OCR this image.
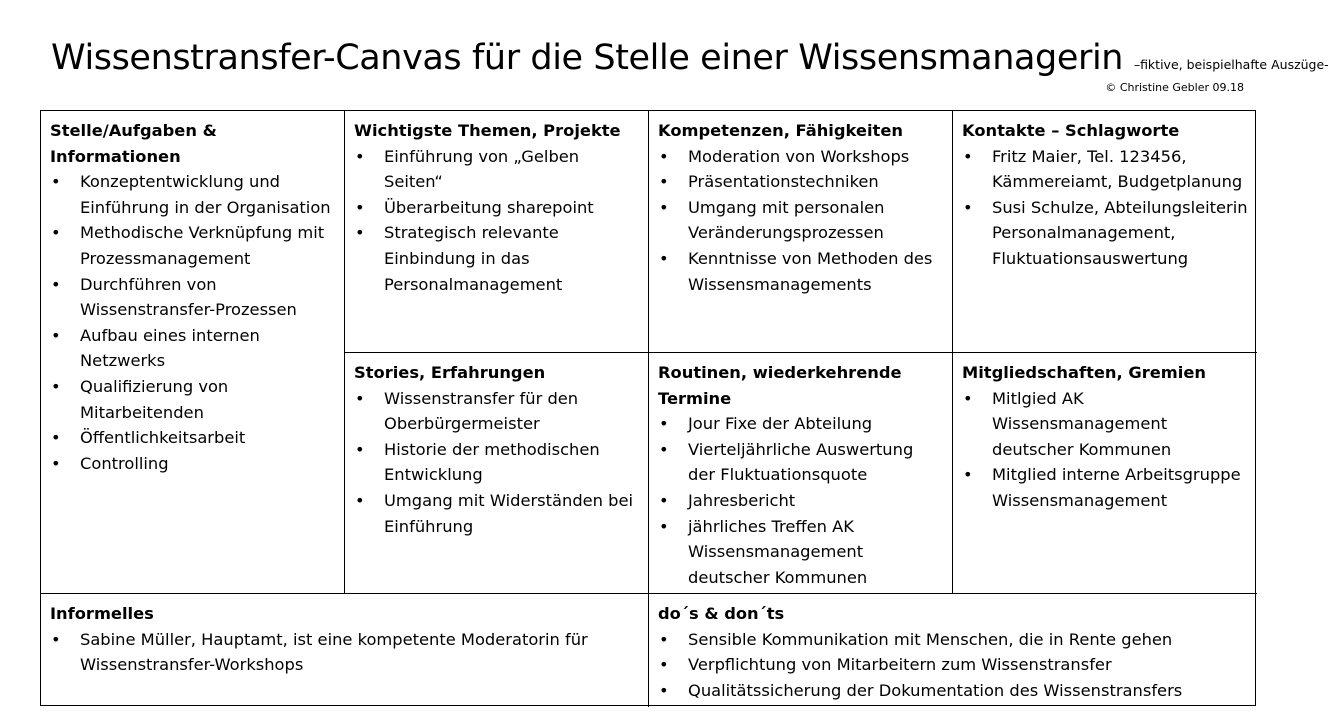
Wissenstransfer-Canvas für die Stelle einer Wissensmanagerin –fiktive, beispielhafte Auszüge-
© Christine Gebler 09.18
Stelle/Aufgaben & Informationen
• Konzeptentwicklung und Einführung in der Organisation
• Methodische Verknüpfung mit Prozessmanagement
• Durchführen von Wissenstransfer-Prozessen
• Aufbau eines internen Netzwerks
• Qualifizierung von Mitarbeitenden
• Öffentlichkeitsarbeit
• Controlling
Wichtigste Themen, Projekte
• Einführung von „Gelben Seiten“
• Überarbeitung sharepoint
• Strategisch relevante Einbindung in das Personalmanagement
Kompetenzen, Fähigkeiten
• Moderation von Workshops
• Präsentationstechniken
• Umgang mit personalen Veränderungsprozessen
• Kenntnisse von Methoden des Wissensmanagements
Kontakte – Schlagworte
• Fritz Maier, Tel. 123456, Kämmereiamt, Budgetplanung
• Susi Schulze, Abteilungsleiterin Personalmanagement, Fluktuationsauswertung
Stories, Erfahrungen
• Wissenstransfer für den Oberbürgermeister
• Historie der methodischen Entwicklung
• Umgang mit Widerständen bei Einführung
Routinen, wiederkehrende Termine
• Jour Fixe der Abteilung
• Vierteljährliche Auswertung der Fluktuationsquote
• Jahresbericht
• jährliches Treffen AK Wissensmanagement deutscher Kommunen
Mitgliedschaften, Gremien
• Mitlgied AK Wissensmanagement deutscher Kommunen
• Mitglied interne Arbeitsgruppe Wissensmanagement
Informelles
• Sabine Müller, Hauptamt, ist eine kompetente Moderatorin für Wissenstransfer-Workshops
do´s & don´ts
• Sensible Kommunikation mit Menschen, die in Rente gehen
• Verpflichtung von Mitarbeitern zum Wissenstransfer
• Qualitätssicherung der Dokumentation des Wissenstransfers
